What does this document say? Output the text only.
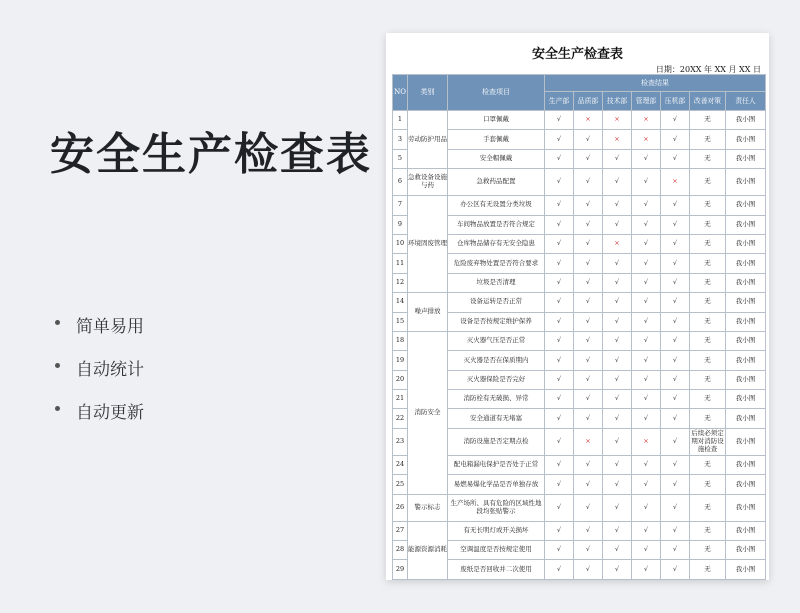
安全生产检查表
简单易用
自动统计
自动更新
安全生产检查表
日期：20XX 年 XX 月 XX 日
NO	类别	检查项目	检查结果						
			生产部	品质部	技术部	管理部	压机部	改善对策	责任人
1	劳动防护用品	口罩佩戴	√	×	×	×	√	无	我小图
3		手套佩戴	√	√	×	×	√	无	我小图
5		安全帽佩戴	√	√	√	√	√	无	我小图
6	急救设备设施与药	急救药品配置	√	√	√	√	×	无	我小图
7	环境固废管理	办公区有无设置分类垃圾	√	√	√	√	√	无	我小图
9		车间物品放置是否符合规定	√	√	√	√	√	无	我小图
10		仓库物品储存有无安全隐患	√	√	×	√	√	无	我小图
11		危险废弃物处置是否符合要求	√	√	√	√	√	无	我小图
12		垃圾是否清理	√	√	√	√	√	无	我小图
14	噪声排放	设备运转是否正常	√	√	√	√	√	无	我小图
15		设备是否按规定维护保养	√	√	√	√	√	无	我小图
18	消防安全	灭火器气压是否正常	√	√	√	√	√	无	我小图
19		灭火器是否在保质期内	√	√	√	√	√	无	我小图
20		灭火器保险是否完好	√	√	√	√	√	无	我小图
21		消防栓有无破损、异常	√	√	√	√	√	无	我小图
22		安全通道有无堵塞	√	√	√	√	√	无	我小图
23		消防设施是否定期点检	√	×	√	×	√	后续必须定期对消防设施检查	我小图
24		配电箱漏电保护是否处于正常	√	√	√	√	√	无	我小图
25		易燃易爆化学品是否单独存放	√	√	√	√	√	无	我小图
26	警示标志	生产场所、具有危险的区域性地段均张贴警示	√	√	√	√	√	无	我小图
27	能源资源消耗	有无长明灯或开关损坏	√	√	√	√	√	无	我小图
28		空调温度是否按规定使用	√	√	√	√	√	无	我小图
29		废纸是否回收并二次使用	√	√	√	√	√	无	我小图
